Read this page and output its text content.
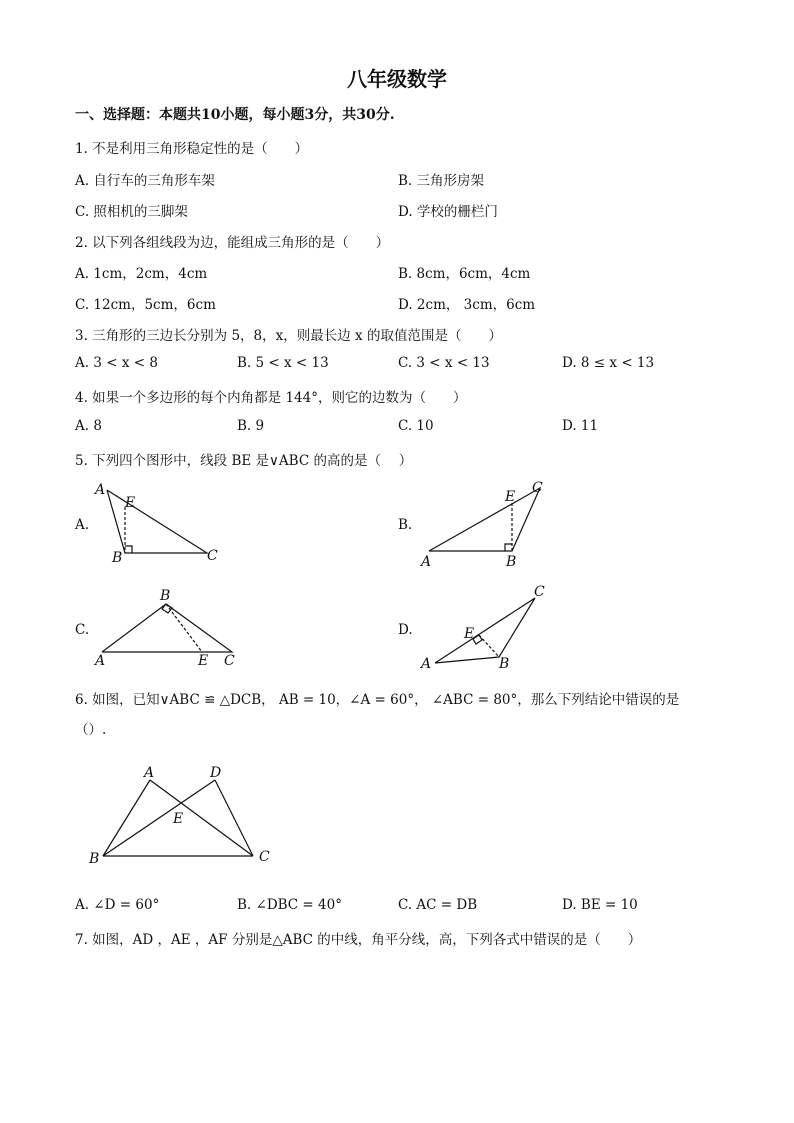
八年级数学
一、选择题：本题共10小题，每小题3分，共30分.
1. 不是利用三角形稳定性的是（　　）
A. 自行车的三角形车架	B. 三角形房架
C. 照相机的三脚架	D. 学校的栅栏门
2. 以下列各组线段为边，能组成三角形的是（　　）
A. 1cm，2cm，4cm	B. 8cm，6cm，4cm
C. 12cm，5cm，6cm	D. 2cm， 3cm，6cm
3. 三角形的三边长分别为 5，8，x，则最长边 x 的取值范围是（　　）
A. 3 < x < 8	B. 5 < x < 13	C. 3 < x < 13	D. 8 ≤ x < 13
4. 如果一个多边形的每个内角都是 144°，则它的边数为（　　）
A. 8	B. 9	C. 10	D. 11
5. 下列四个图形中，线段 BE 是∨ABC 的高的是（　 ）
A.
A
E
B	C
B.
E
C
A	B
C.
B
A	E C
D.	E
C
A	B
6. 如图，已知∨ABC ≌ △DCB， AB = 10，∠A = 60°， ∠ABC = 80°，那么下列结论中错误的是
（）.
A	D
E
B	C
A. ∠D = 60°	B. ∠DBC = 40°	C. AC = DB	D. BE = 10
7. 如图，AD ，AE ，AF 分别是△ABC 的中线，角平分线，高，下列各式中错误的是（　　）
